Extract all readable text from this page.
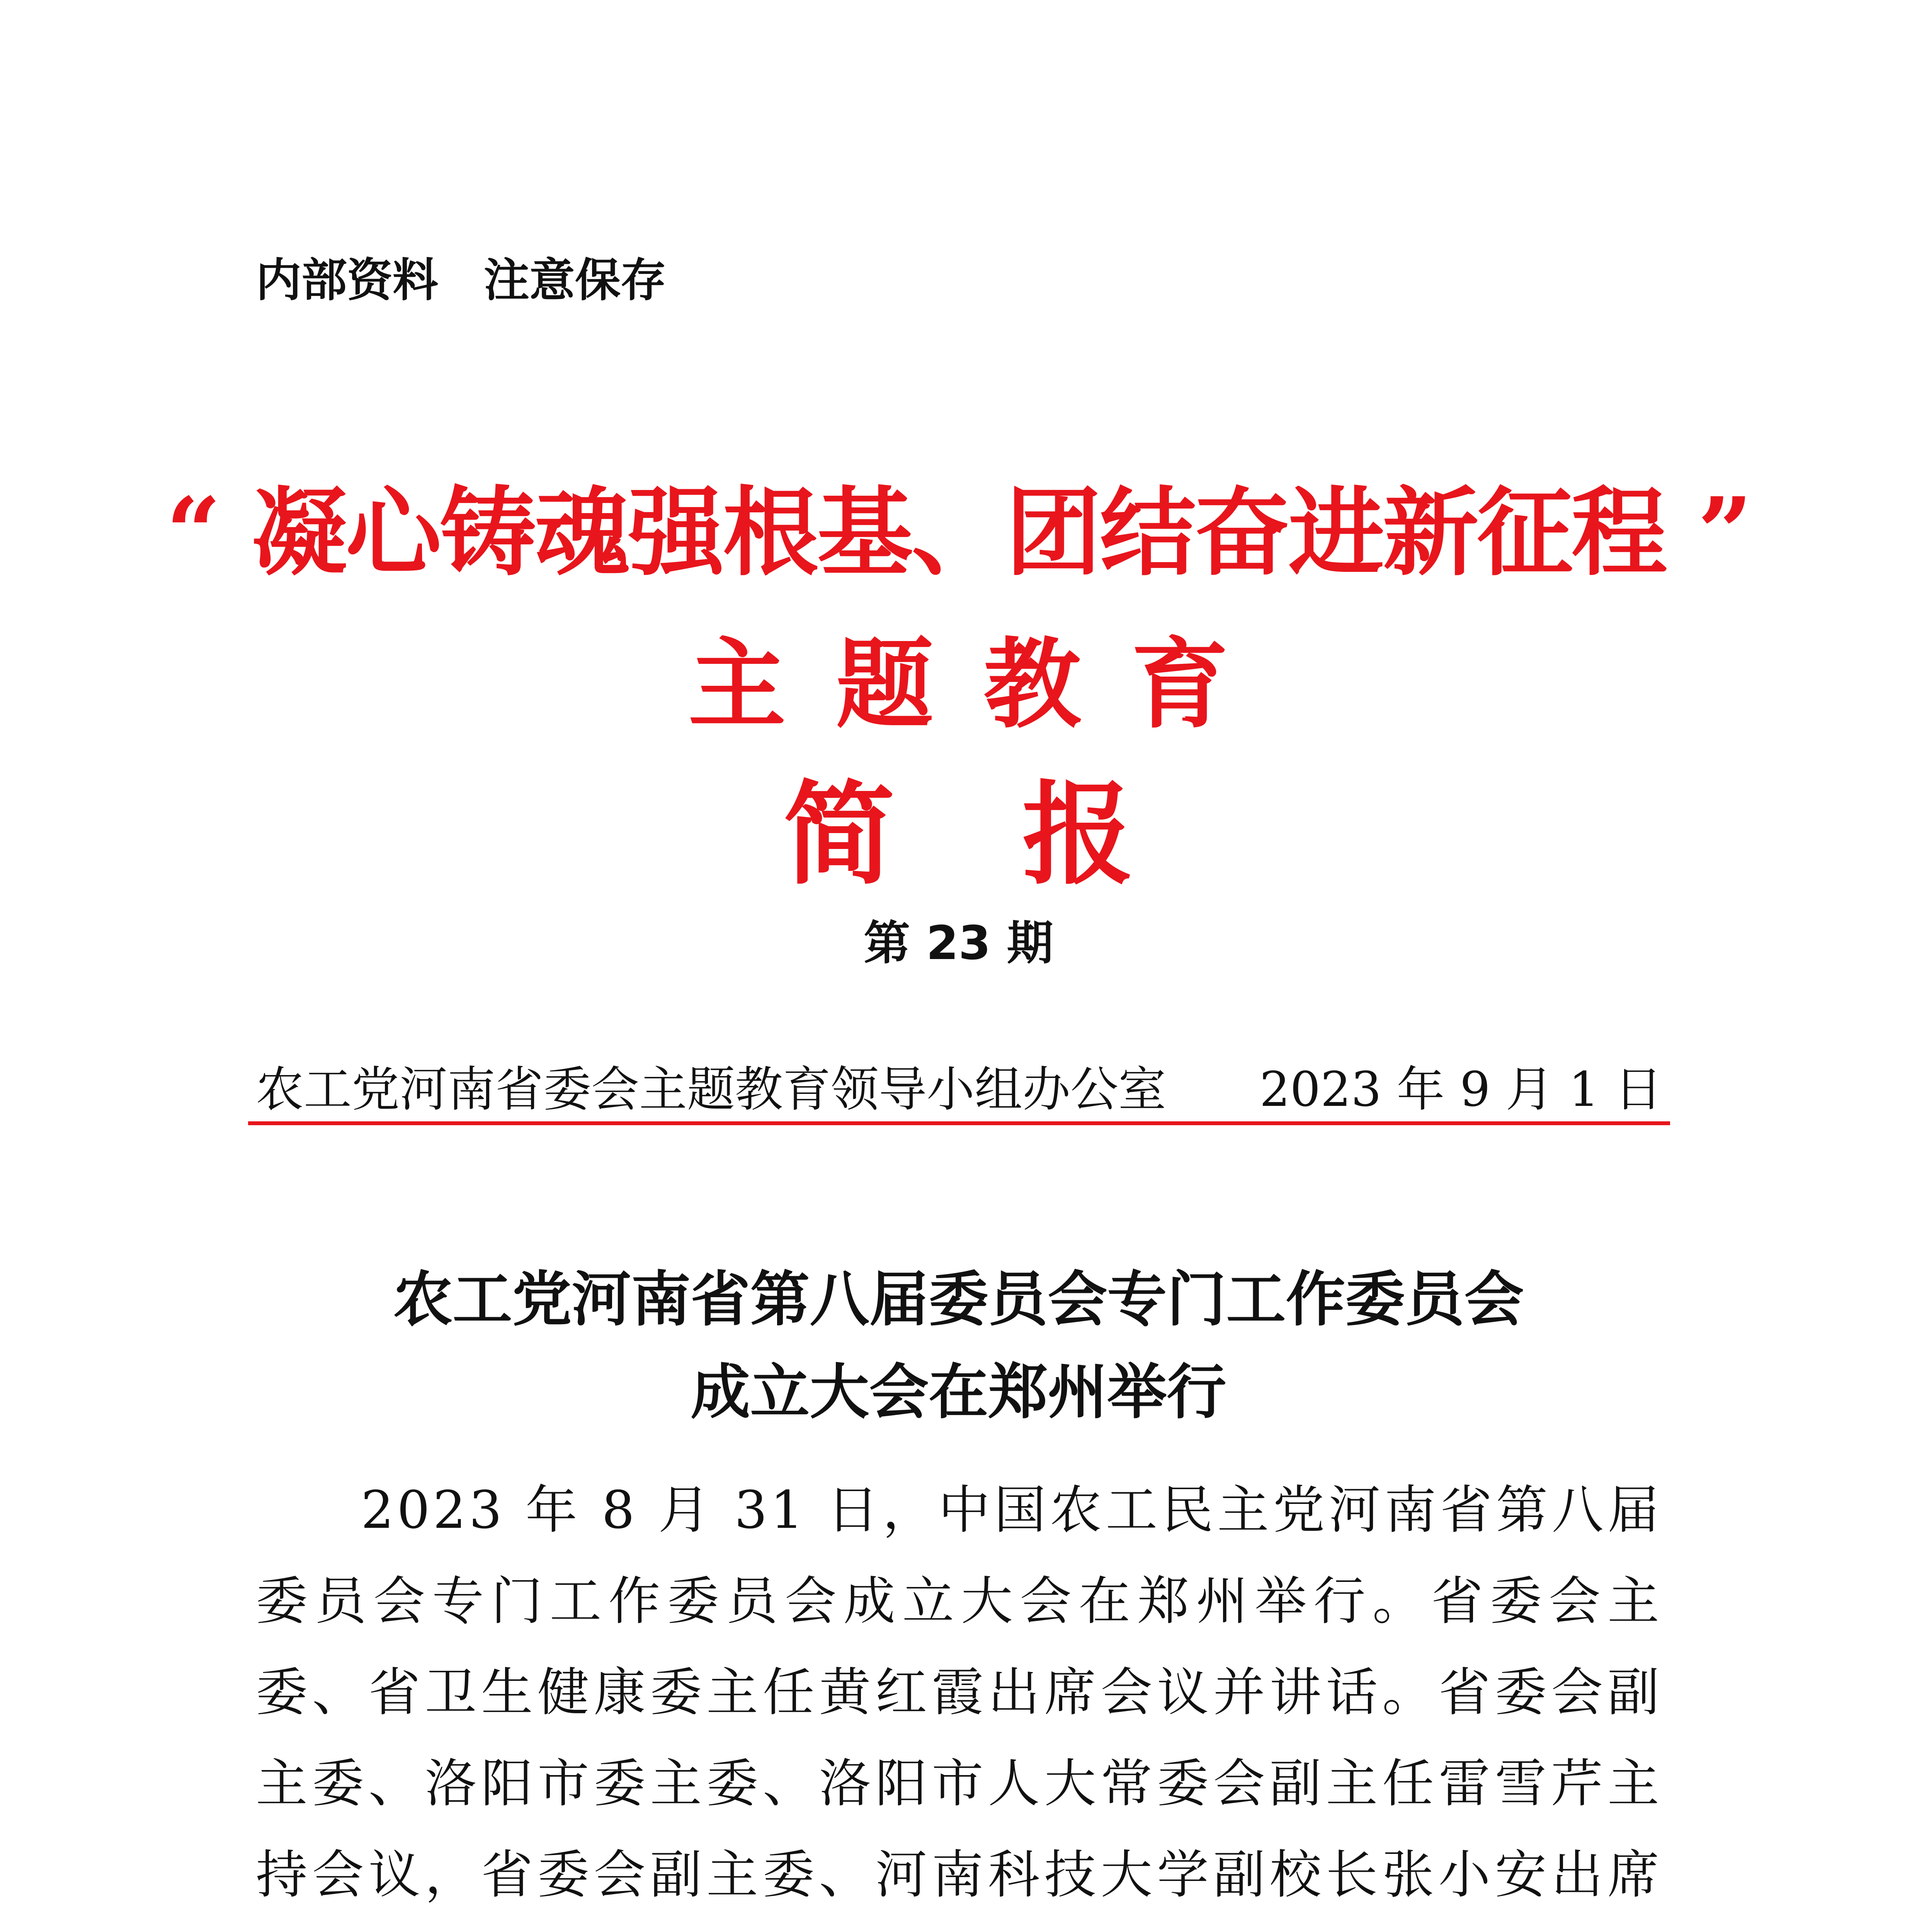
内部资料　注意保存
“ 凝心铸魂强根基、团结奋进新征程 ”
主题教育
简报
第 23 期
农工党河南省委会主题教育领导小组办公室 2023 年 9 月 1 日
农工党河南省第八届委员会专门工作委员会
成立大会在郑州举行

2023 年 8 月 31 日，中国农工民主党河南省第八届委员会专门工作委员会成立大会在郑州举行。省委会主委、省卫生健康委主任黄红霞出席会议并讲话。省委会副主委、洛阳市委主委、洛阳市人大常委会副主任雷雪芹主持会议，省委会副主委、河南科技大学副校长张小安出席
